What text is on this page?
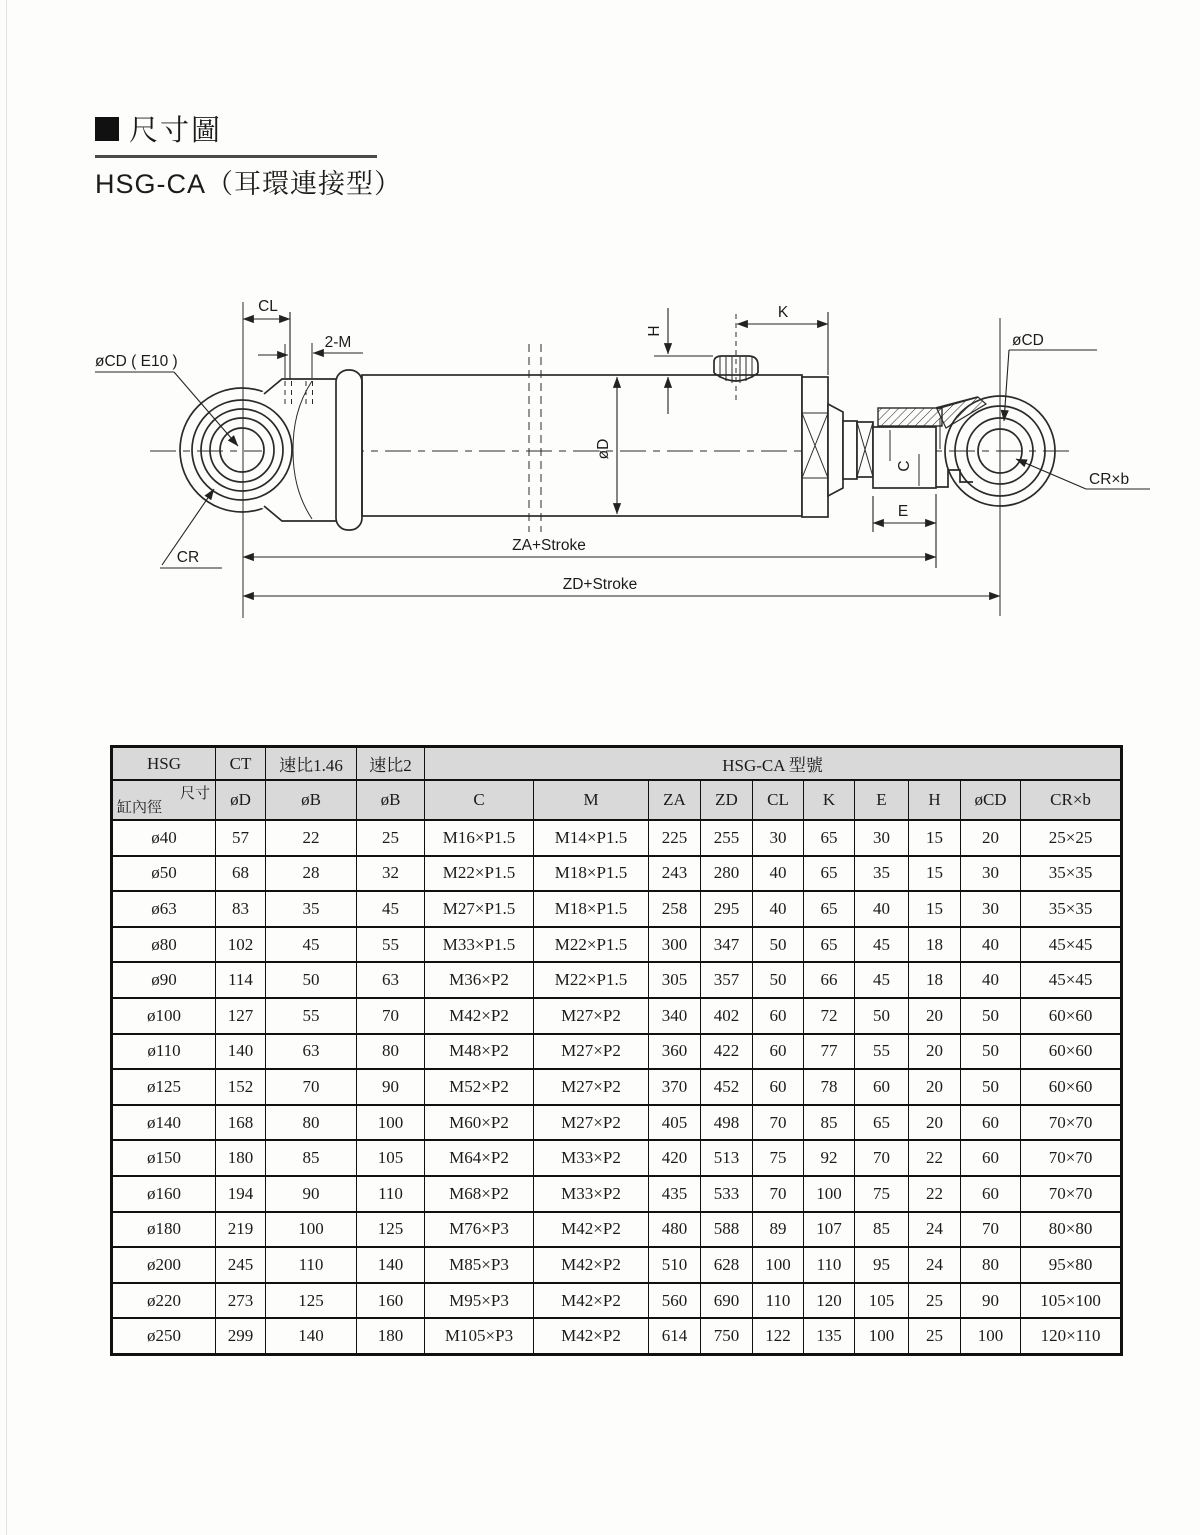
尺寸圖
HSG-CA（耳環連接型）
CL
2-M
øCD ( E10 )
CR
H
K
øD
øCD
C
CR×b
E
ZA+Stroke
ZD+Stroke
HSG	CT	速比1.46	速比2	HSG-CA 型號									

尺寸
缸內徑	øD	øB	øB	C	M	ZA	ZD	CL	K	E	H	øCD	CR×b
ø40	57	22	25	M16×P1.5	M14×P1.5	225	255	30	65	30	15	20	25×25
ø50	68	28	32	M22×P1.5	M18×P1.5	243	280	40	65	35	15	30	35×35
ø63	83	35	45	M27×P1.5	M18×P1.5	258	295	40	65	40	15	30	35×35
ø80	102	45	55	M33×P1.5	M22×P1.5	300	347	50	65	45	18	40	45×45
ø90	114	50	63	M36×P2	M22×P1.5	305	357	50	66	45	18	40	45×45
ø100	127	55	70	M42×P2	M27×P2	340	402	60	72	50	20	50	60×60
ø110	140	63	80	M48×P2	M27×P2	360	422	60	77	55	20	50	60×60
ø125	152	70	90	M52×P2	M27×P2	370	452	60	78	60	20	50	60×60
ø140	168	80	100	M60×P2	M27×P2	405	498	70	85	65	20	60	70×70
ø150	180	85	105	M64×P2	M33×P2	420	513	75	92	70	22	60	70×70
ø160	194	90	110	M68×P2	M33×P2	435	533	70	100	75	22	60	70×70
ø180	219	100	125	M76×P3	M42×P2	480	588	89	107	85	24	70	80×80
ø200	245	110	140	M85×P3	M42×P2	510	628	100	110	95	24	80	95×80
ø220	273	125	160	M95×P3	M42×P2	560	690	110	120	105	25	90	105×100
ø250	299	140	180	M105×P3	M42×P2	614	750	122	135	100	25	100	120×110
